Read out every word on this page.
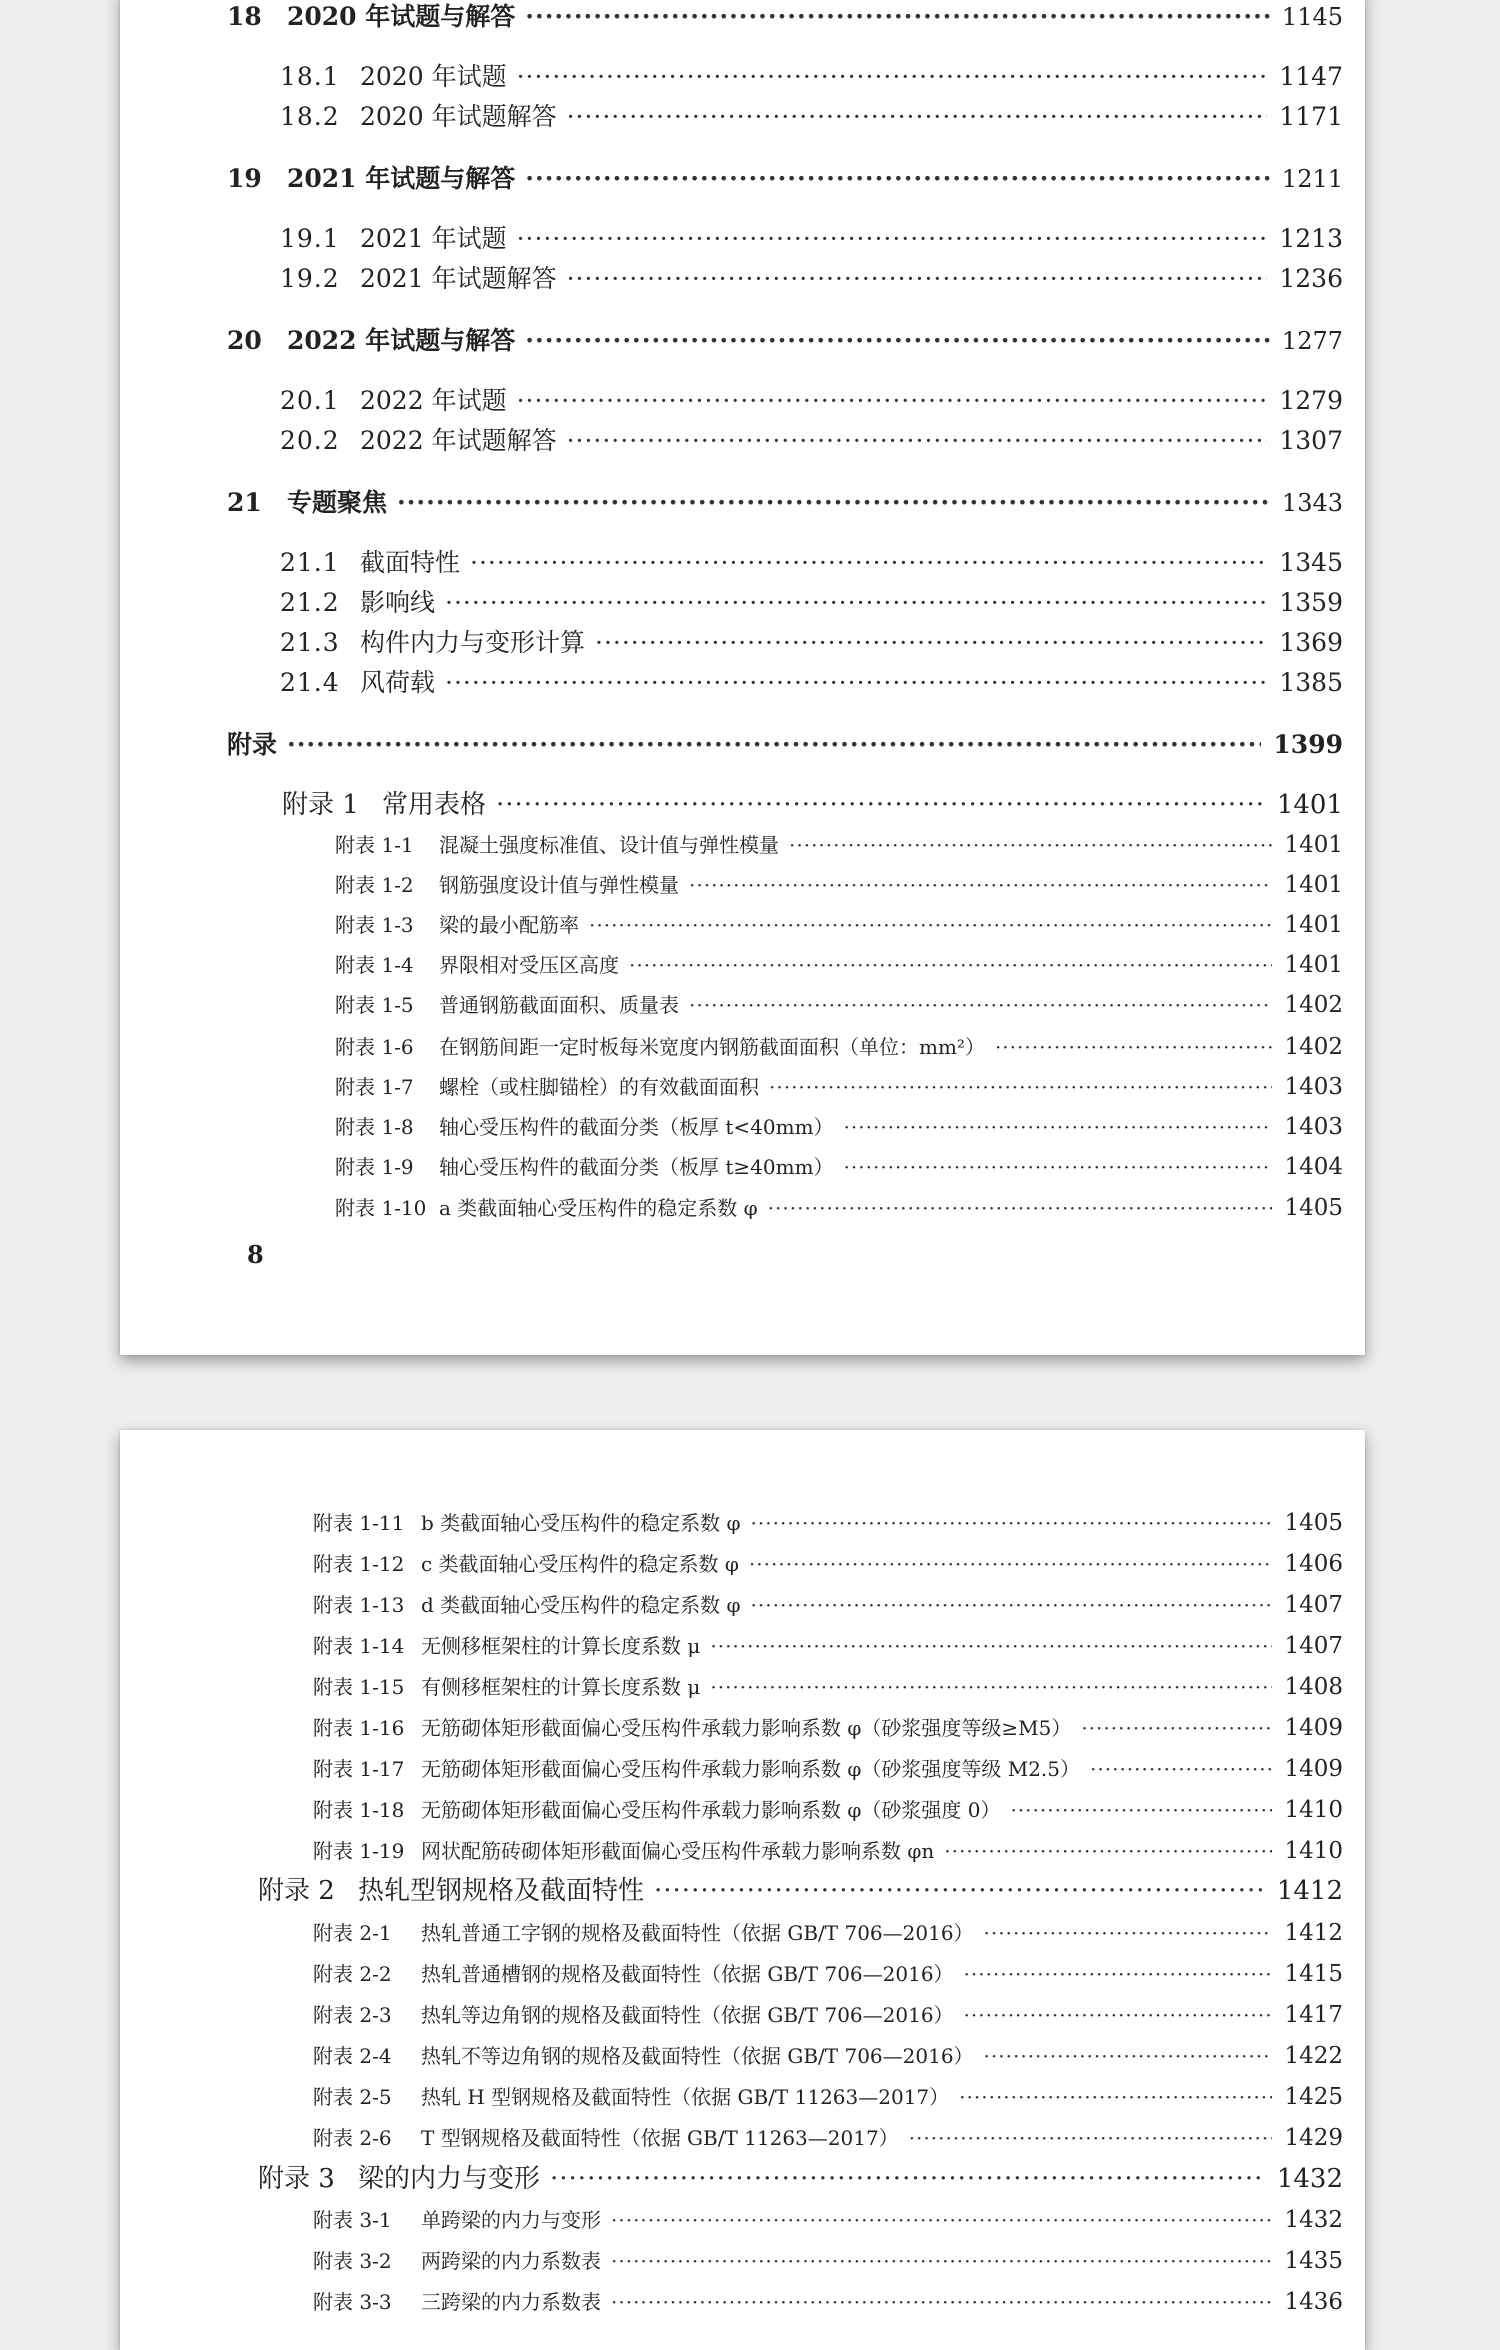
18	2020 年试题与解答 ·····	1145
18.1 2020 年试题 ·····	1147
18.2 2020 年试题解答 ·····	1171
19	2021 年试题与解答 ·····	1211
19.1 2021 年试题 ·····	1213
19.2 2021 年试题解答 ·····	1236
20	2022 年试题与解答 ·····	1277
20.1 2022 年试题 ·····	1279
20.2 2022 年试题解答 ·····	1307
21	专题聚焦 ·····	1343
21.1 截面特性 ·····	1345
21.2 影响线 ·····	1359
21.3 构件内力与变形计算 ·····	1369
21.4 风荷载 ·····	1385
附录 ·····	1399
附录 1 常用表格 ·····	1401
附表 1-1	混凝土强度标准值、设计值与弹性模量 ·····	1401
附表 1-2	钢筋强度设计值与弹性模量 ·····	1401
附表 1-3	梁的最小配筋率 ·····	1401
附表 1-4	界限相对受压区高度 ·····	1401
附表 1-5	普通钢筋截面面积、质量表 ·····	1402
附表 1-6	在钢筋间距一定时板每米宽度内钢筋截面面积（单位：mm²） ·····	1402
附表 1-7	螺栓（或柱脚锚栓）的有效截面面积 ·····	1403
附表 1-8	轴心受压构件的截面分类（板厚 t<40mm） ·····	1403
附表 1-9	轴心受压构件的截面分类（板厚 t≥40mm） ·····	1404
附表 1-10 a 类截面轴心受压构件的稳定系数 φ ·····	1405
8
附表 1-11 b 类截面轴心受压构件的稳定系数 φ ·····	1405
附表 1-12 c 类截面轴心受压构件的稳定系数 φ ·····	1406
附表 1-13 d 类截面轴心受压构件的稳定系数 φ ·····	1407
附表 1-14 无侧移框架柱的计算长度系数 μ ·····	1407
附表 1-15 有侧移框架柱的计算长度系数 μ ·····	1408
附表 1-16 无筋砌体矩形截面偏心受压构件承载力影响系数 φ（砂浆强度等级≥M5） ·····	1409
附表 1-17 无筋砌体矩形截面偏心受压构件承载力影响系数 φ（砂浆强度等级 M2.5） ·····	1409
附表 1-18 无筋砌体矩形截面偏心受压构件承载力影响系数 φ（砂浆强度 0） ·····	1410
附表 1-19 网状配筋砖砌体矩形截面偏心受压构件承载力影响系数 φn ·····	1410
附录 2 热轧型钢规格及截面特性 ·····	1412
附表 2-1	热轧普通工字钢的规格及截面特性（依据 GB/T 706—2016） ·····	1412
附表 2-2	热轧普通槽钢的规格及截面特性（依据 GB/T 706—2016） ·····	1415
附表 2-3	热轧等边角钢的规格及截面特性（依据 GB/T 706—2016） ·····	1417
附表 2-4	热轧不等边角钢的规格及截面特性（依据 GB/T 706—2016） ·····	1422
附表 2-5	热轧 H 型钢规格及截面特性（依据 GB/T 11263—2017） ·····	1425
附表 2-6	T 型钢规格及截面特性（依据 GB/T 11263—2017） ·····	1429
附录 3 梁的内力与变形 ·····	1432
附表 3-1	单跨梁的内力与变形 ·····	1432
附表 3-2	两跨梁的内力系数表 ·····	1435
附表 3-3	三跨梁的内力系数表 ·····	1436
